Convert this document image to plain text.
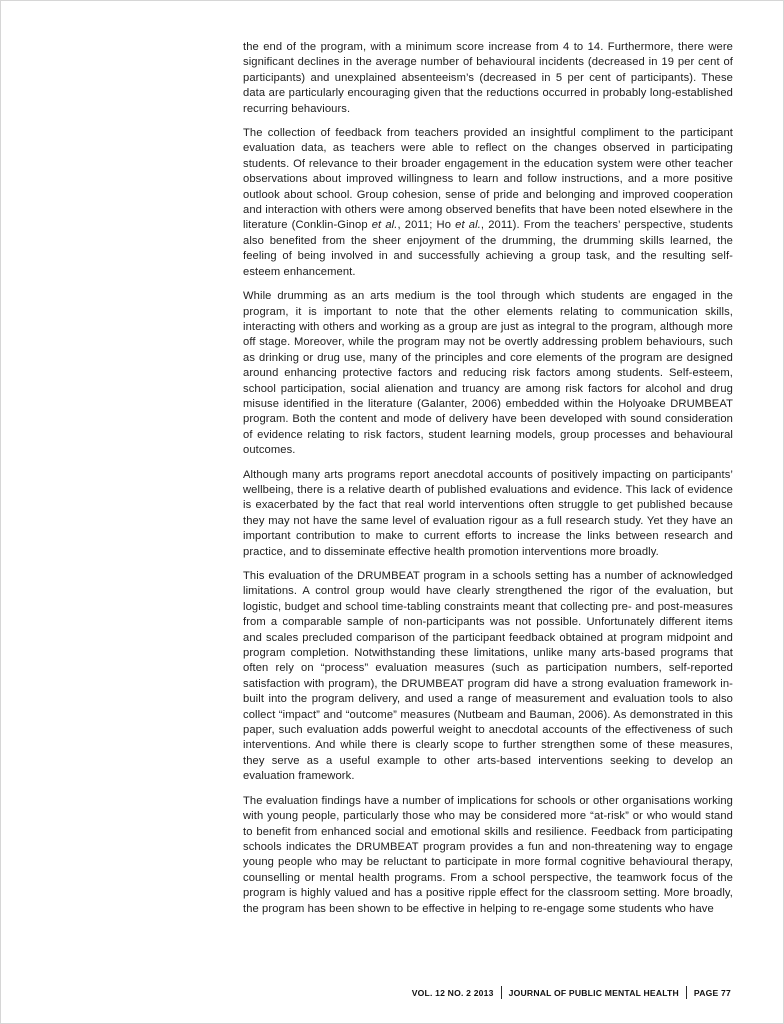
the end of the program, with a minimum score increase from 4 to 14. Furthermore, there were significant declines in the average number of behavioural incidents (decreased in 19 per cent of participants) and unexplained absenteeism’s (decreased in 5 per cent of participants). These data are particularly encouraging given that the reductions occurred in probably long-established recurring behaviours.

The collection of feedback from teachers provided an insightful compliment to the participant evaluation data, as teachers were able to reflect on the changes observed in participating students. Of relevance to their broader engagement in the education system were other teacher observations about improved willingness to learn and follow instructions, and a more positive outlook about school. Group cohesion, sense of pride and belonging and improved cooperation and interaction with others were among observed benefits that have been noted elsewhere in the literature (Conklin-Ginop et al., 2011; Ho et al., 2011). From the teachers’ perspective, students also benefited from the sheer enjoyment of the drumming, the drumming skills learned, the feeling of being involved in and successfully achieving a group task, and the resulting self-esteem enhancement.

While drumming as an arts medium is the tool through which students are engaged in the program, it is important to note that the other elements relating to communication skills, interacting with others and working as a group are just as integral to the program, although more off stage. Moreover, while the program may not be overtly addressing problem behaviours, such as drinking or drug use, many of the principles and core elements of the program are designed around enhancing protective factors and reducing risk factors among students. Self-esteem, school participation, social alienation and truancy are among risk factors for alcohol and drug misuse identified in the literature (Galanter, 2006) embedded within the Holyoake DRUMBEAT program. Both the content and mode of delivery have been developed with sound consideration of evidence relating to risk factors, student learning models, group processes and behavioural outcomes.

Although many arts programs report anecdotal accounts of positively impacting on participants’ wellbeing, there is a relative dearth of published evaluations and evidence. This lack of evidence is exacerbated by the fact that real world interventions often struggle to get published because they may not have the same level of evaluation rigour as a full research study. Yet they have an important contribution to make to current efforts to increase the links between research and practice, and to disseminate effective health promotion interventions more broadly.

This evaluation of the DRUMBEAT program in a schools setting has a number of acknowledged limitations. A control group would have clearly strengthened the rigor of the evaluation, but logistic, budget and school time-tabling constraints meant that collecting pre- and post-measures from a comparable sample of non-participants was not possible. Unfortunately different items and scales precluded comparison of the participant feedback obtained at program midpoint and program completion. Notwithstanding these limitations, unlike many arts-based programs that often rely on “process” evaluation measures (such as participation numbers, self-reported satisfaction with program), the DRUMBEAT program did have a strong evaluation framework in-built into the program delivery, and used a range of measurement and evaluation tools to also collect “impact” and “outcome” measures (Nutbeam and Bauman, 2006). As demonstrated in this paper, such evaluation adds powerful weight to anecdotal accounts of the effectiveness of such interventions. And while there is clearly scope to further strengthen some of these measures, they serve as a useful example to other arts-based interventions seeking to develop an evaluation framework.

The evaluation findings have a number of implications for schools or other organisations working with young people, particularly those who may be considered more “at-risk” or who would stand to benefit from enhanced social and emotional skills and resilience. Feedback from participating schools indicates the DRUMBEAT program provides a fun and non-threatening way to engage young people who may be reluctant to participate in more formal cognitive behavioural therapy, counselling or mental health programs. From a school perspective, the teamwork focus of the program is highly valued and has a positive ripple effect for the classroom setting. More broadly, the program has been shown to be effective in helping to re-engage some students who have

VOL. 12 NO. 2 2013	JOURNAL OF PUBLIC MENTAL HEALTH	PAGE 77
